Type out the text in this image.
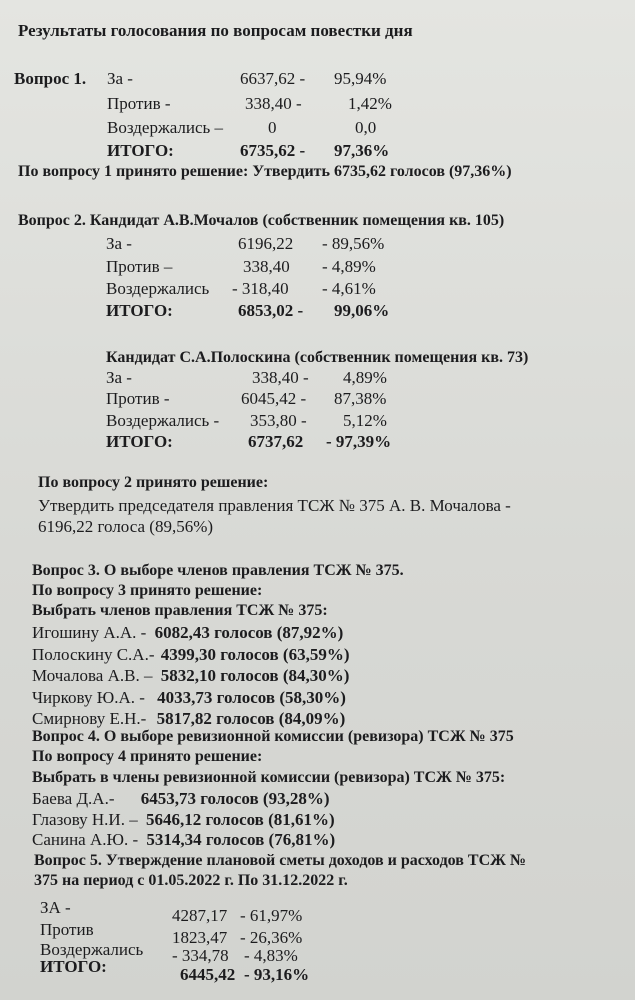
Результаты голосования по вопросам повестки дня
Вопрос 1. За -	6637,62 - 95,94%
Против -	338,40 -	1,42%
Воздержались –	0	0,0
ИТОГО:	6735,62 - 97,36%
По вопросу 1 принято решение: Утвердить 6735,62 голосов (97,36%)
Вопрос 2. Кандидат А.В.Мочалов (собственник помещения кв. 105)
За -	6196,22 - 89,56%
Против –	338,40 - 4,89%
Воздержались - 318,40 - 4,61%
ИТОГО:	6853,02 - 99,06%
Кандидат С.А.Полоскина (собственник помещения кв. 73)
За -	338,40 - 4,89%
Против -	6045,42 - 87,38%
Воздержались - 353,80 - 5,12%
ИТОГО:	6737,62 - 97,39%
По вопросу 2 принято решение:
Утвердить председателя правления ТСЖ № 375 А. В. Мочалова -
6196,22 голоса (89,56%)
Вопрос 3. О выборе членов правления ТСЖ № 375.
По вопросу 3 принято решение:
Выбрать членов правления ТСЖ № 375:
Игошину А.А. - 6082,43 голосов (87,92%)
Полоскину С.А.- 4399,30 голосов (63,59%)
Мочалова А.В. – 5832,10 голосов (84,30%)
Чиркову Ю.А. - 4033,73 голосов (58,30%)
Смирнову Е.Н.- 5817,82 голосов (84,09%)
Вопрос 4. О выборе ревизионной комиссии (ревизора) ТСЖ № 375
По вопросу 4 принято решение:
Выбрать в члены ревизионной комиссии (ревизора) ТСЖ № 375:
Баева Д.А.- 6453,73 голосов (93,28%)
Глазову Н.И. – 5646,12 голосов (81,61%)
Санина А.Ю. - 5314,34 голосов (76,81%)
Вопрос 5. Утверждение плановой сметы доходов и расходов ТСЖ №
375 на период с 01.05.2022 г. По 31.12.2022 г.
ЗА -	4287,17 - 61,97%
Против	1823,47 - 26,36%
Воздержались - 334,78 - 4,83%
ИТОГО:	6445,42 - 93,16%
